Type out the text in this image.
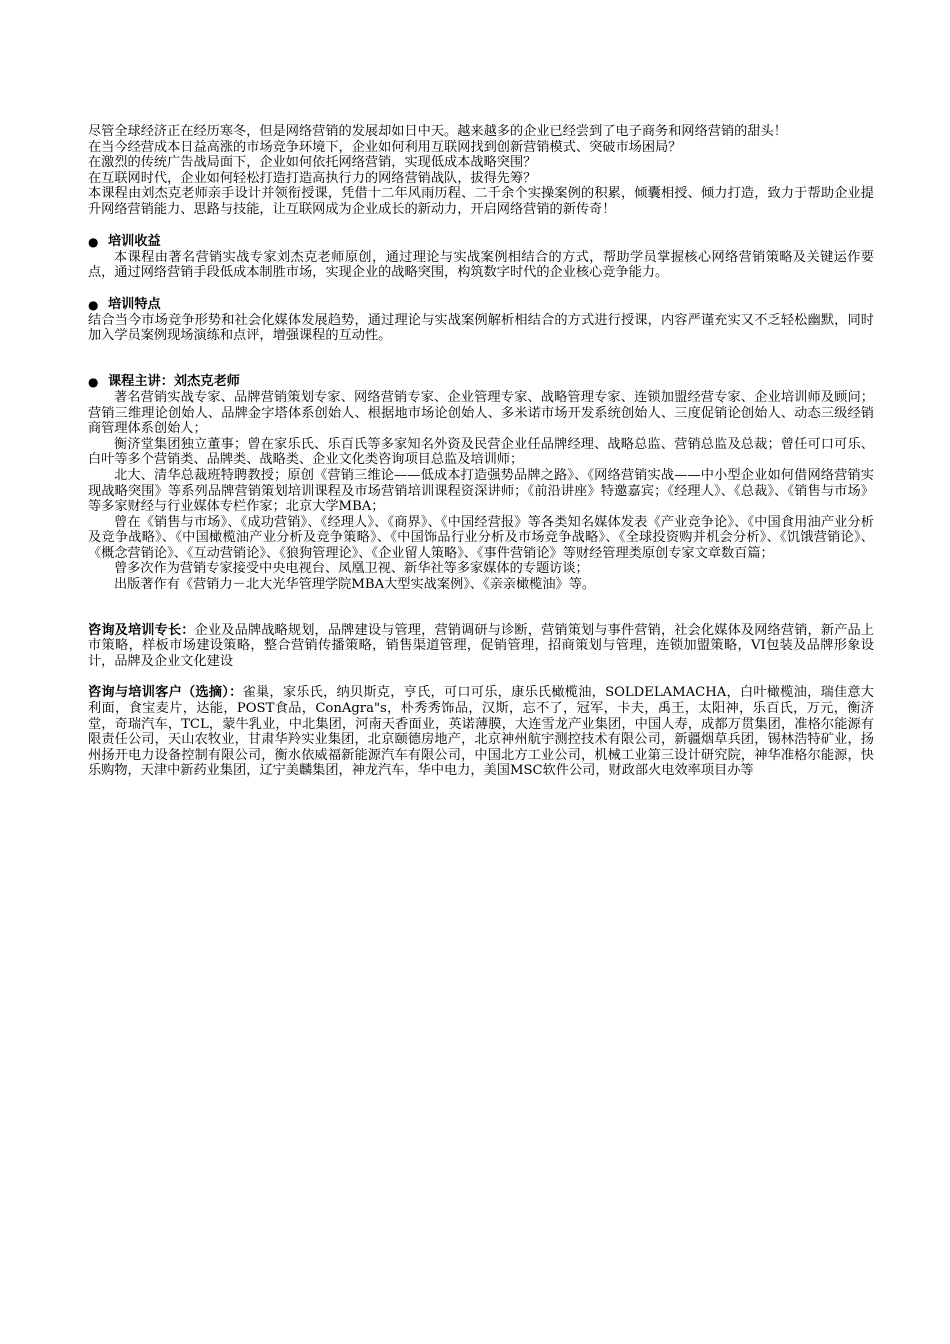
尽管全球经济正在经历寒冬，但是网络营销的发展却如日中天。越来越多的企业已经尝到了电子商务和网络营销的甜头！

在当今经营成本日益高涨的市场竞争环境下，企业如何利用互联网找到创新营销模式、突破市场困局？

在激烈的传统广告战局面下，企业如何依托网络营销，实现低成本战略突围？

在互联网时代，企业如何轻松打造打造高执行力的网络营销战队，拔得先筹？

本课程由刘杰克老师亲手设计并领衔授课，凭借十二年风雨历程、二千余个实操案例的积累，倾囊相授、倾力打造，致力于帮助企业提升网络营销能力、思路与技能，让互联网成为企业成长的新动力，开启网络营销的新传奇！

● 培训收益

本课程由著名营销实战专家刘杰克老师原创，通过理论与实战案例相结合的方式，帮助学员掌握核心网络营销策略及关键运作要点，通过网络营销手段低成本制胜市场，实现企业的战略突围，构筑数字时代的企业核心竞争能力。

● 培训特点

结合当今市场竞争形势和社会化媒体发展趋势，通过理论与实战案例解析相结合的方式进行授课，内容严谨充实又不乏轻松幽默，同时加入学员案例现场演练和点评，增强课程的互动性。

● 课程主讲：刘杰克老师

著名营销实战专家、品牌营销策划专家、网络营销专家、企业管理专家、战略管理专家、连锁加盟经营专家、企业培训师及顾问；营销三维理论创始人、品牌金字塔体系创始人、根据地市场论创始人、多米诺市场开发系统创始人、三度促销论创始人、动态三级经销商管理体系创始人；

衡济堂集团独立董事；曾在家乐氏、乐百氏等多家知名外资及民营企业任品牌经理、战略总监、营销总监及总裁；曾任可口可乐、白叶等多个营销类、品牌类、战略类、企业文化类咨询项目总监及培训师；

北大、清华总裁班特聘教授；原创《营销三维论——低成本打造强势品牌之路》、《网络营销实战——中小型企业如何借网络营销实现战略突围》等系列品牌营销策划培训课程及市场营销培训课程资深讲师；《前沿讲座》特邀嘉宾；《经理人》、《总裁》、《销售与市场》等多家财经与行业媒体专栏作家；北京大学MBA；

曾在《销售与市场》、《成功营销》、《经理人》、《商界》、《中国经营报》等各类知名媒体发表《产业竞争论》、《中国食用油产业分析及竞争战略》、《中国橄榄油产业分析及竞争策略》、《中国饰品行业分析及市场竞争战略》、《全球投资购并机会分析》、《饥饿营销论》、《概念营销论》、《互动营销论》、《狼狗管理论》、《企业留人策略》、《事件营销论》等财经管理类原创专家文章数百篇；

曾多次作为营销专家接受中央电视台、凤凰卫视、新华社等多家媒体的专题访谈；

出版著作有《营销力－北大光华管理学院MBA大型实战案例》、《亲亲橄榄油》等。

咨询及培训专长：企业及品牌战略规划，品牌建设与管理，营销调研与诊断，营销策划与事件营销，社会化媒体及网络营销，新产品上市策略，样板市场建设策略，整合营销传播策略，销售渠道管理，促销管理，招商策划与管理，连锁加盟策略，VI包装及品牌形象设计，品牌及企业文化建设

咨询与培训客户（选摘）：雀巢，家乐氏，纳贝斯克，亨氏，可口可乐，康乐氏橄榄油，SOLDELAMACHA，白叶橄榄油，瑞佳意大利面，食宝麦片，达能，POST食品，ConAgra"s，朴秀秀饰品，汉斯，忘不了，冠军，卡夫，禹王，太阳神，乐百氏，万元，衡济堂，奇瑞汽车，TCL，蒙牛乳业，中北集团，河南天香面业，英诺薄膜，大连雪龙产业集团，中国人寿，成都万贯集团，准格尔能源有限责任公司，天山农牧业，甘肃华羚实业集团，北京颐德房地产，北京神州航宇测控技术有限公司，新疆烟草兵团，锡林浩特矿业，扬州扬开电力设备控制有限公司，衡水依威福新能源汽车有限公司，中国北方工业公司，机械工业第三设计研究院，神华准格尔能源，快乐购物，天津中新药业集团，辽宁美麟集团，神龙汽车，华中电力，美国MSC软件公司，财政部火电效率项目办等
